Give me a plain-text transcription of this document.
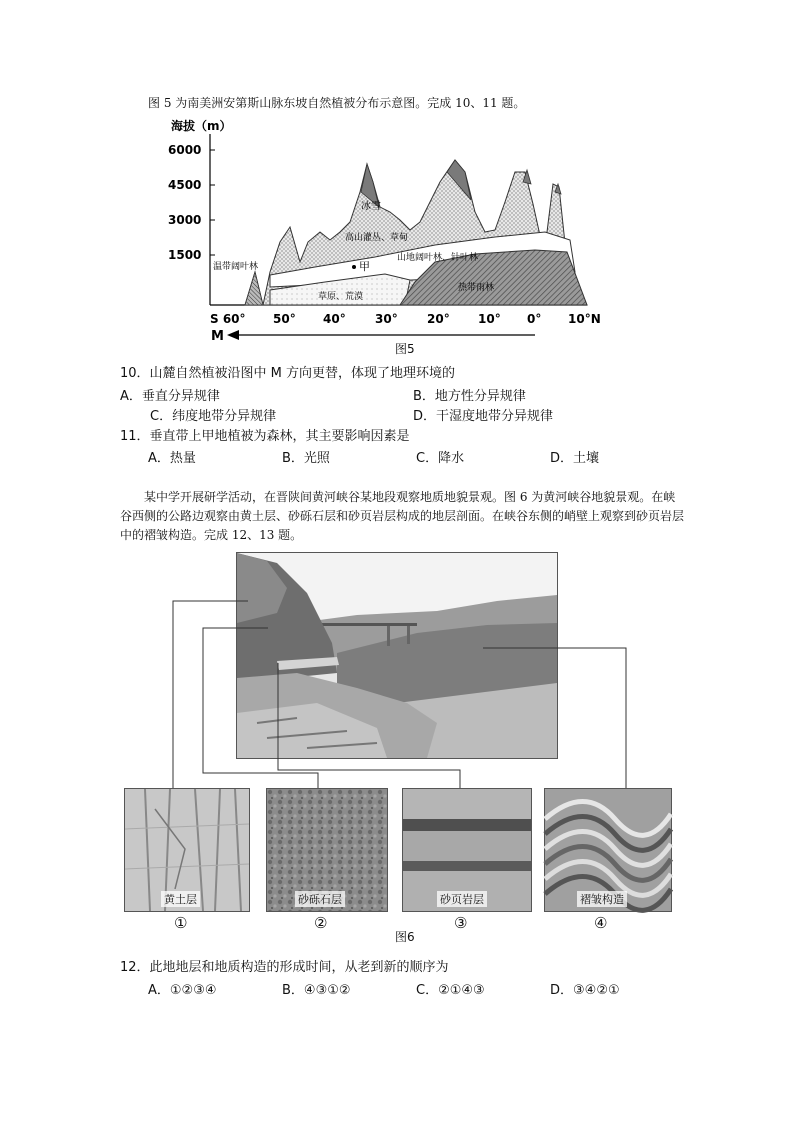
图 5 为南美洲安第斯山脉东坡自然植被分布示意图。完成 10、11 题。
海拔（m）
6000
4500
3000
1500
冰雪
高山灌丛、草甸
山地阔叶林、针叶林
甲
温带阔叶林
草原、荒漠
热带雨林
S 60° 50° 40° 30° 20° 10° 0° 10°N
M
图5
10．山麓自然植被沿图中 M 方向更替，体现了地理环境的
A．垂直分异规律	B．地方性分异规律
C．纬度地带分异规律	D．干湿度地带分异规律
11．垂直带上甲地植被为森林，其主要影响因素是
A．热量	B．光照	C．降水	D．土壤
某中学开展研学活动，在晋陕间黄河峡谷某地段观察地质地貌景观。图 6 为黄河峡谷地貌景观。在峡谷西侧的公路边观察由黄土层、砂砾石层和砂页岩层构成的地层剖面。在峡谷东侧的峭壁上观察到砂页岩层中的褶皱构造。完成 12、13 题。
黄土层	砂砾石层	砂页岩层	褶皱构造
①	②	③	④
图6
12．此地地层和地质构造的形成时间，从老到新的顺序为
A．①②③④	B．④③①②	C．②①④③	D．③④②①
